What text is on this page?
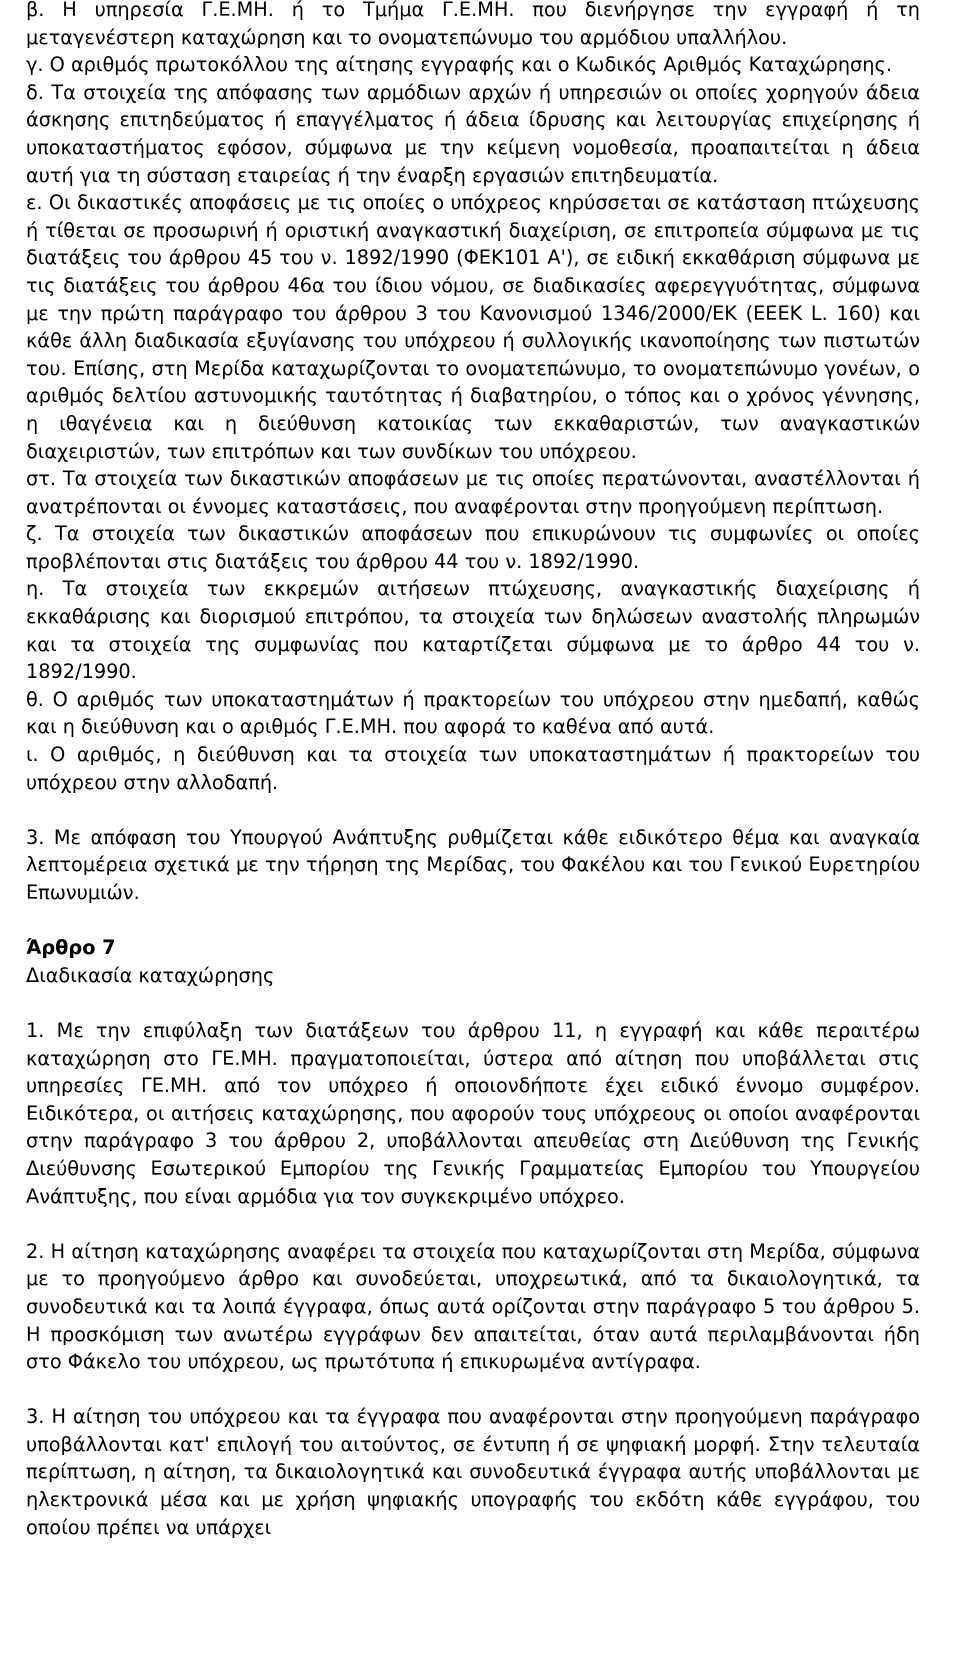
β. Η υπηρεσία Γ.Ε.ΜΗ. ή το Τμήμα Γ.Ε.ΜΗ. που διενήργησε την εγγραφή ή τη μεταγενέστερη καταχώρηση και το ονοματεπώνυμο του αρμόδιου υπαλλήλου.

γ. Ο αριθμός πρωτοκόλλου της αίτησης εγγραφής και ο Κωδικός Αριθμός Καταχώρησης.

δ. Τα στοιχεία της απόφασης των αρμόδιων αρχών ή υπηρεσιών οι οποίες χορηγούν άδεια άσκησης επιτηδεύματος ή επαγγέλματος ή άδεια ίδρυσης και λειτουργίας επιχείρησης ή υποκαταστήματος εφόσον, σύμφωνα με την κείμενη νομοθεσία, προαπαιτείται η άδεια αυτή για τη σύσταση εταιρείας ή την έναρξη εργασιών επιτηδευματία.

ε. Οι δικαστικές αποφάσεις με τις οποίες ο υπόχρεος κηρύσσεται σε κατάσταση πτώχευσης ή τίθεται σε προσωρινή ή οριστική αναγκαστική διαχείριση, σε επιτροπεία σύμφωνα με τις διατάξεις του άρθρου 45 του ν. 1892/1990 (ΦΕΚ101 Α'), σε ειδική εκκαθάριση σύμφωνα με τις διατάξεις του άρθρου 46α του ίδιου νόμου, σε διαδικασίες αφερεγγυότητας, σύμφωνα με την πρώτη παράγραφο του άρθρου 3 του Κανονισμού 1346/2000/ΕΚ (ΕΕΕΚ L. 160) και κάθε άλλη διαδικασία εξυγίανσης του υπόχρεου ή συλλογικής ικανοποίησης των πιστωτών του. Επίσης, στη Μερίδα καταχωρίζονται το ονοματεπώνυμο, το ονοματεπώνυμο γονέων, ο αριθμός δελτίου αστυνομικής ταυτότητας ή διαβατηρίου, ο τόπος και ο χρόνος γέννησης, η ιθαγένεια και η διεύθυνση κατοικίας των εκκαθαριστών, των αναγκαστικών διαχειριστών, των επιτρόπων και των συνδίκων του υπόχρεου.

στ. Τα στοιχεία των δικαστικών αποφάσεων με τις οποίες περατώνονται, αναστέλλονται ή ανατρέπονται οι έννομες καταστάσεις, που αναφέρονται στην προηγούμενη περίπτωση.

ζ. Τα στοιχεία των δικαστικών αποφάσεων που επικυρώνουν τις συμφωνίες οι οποίες προβλέπονται στις διατάξεις του άρθρου 44 του ν. 1892/1990.

η. Τα στοιχεία των εκκρεμών αιτήσεων πτώχευσης, αναγκαστικής διαχείρισης ή εκκαθάρισης και διορισμού επιτρόπου, τα στοιχεία των δηλώσεων αναστολής πληρωμών και τα στοιχεία της συμφωνίας που καταρτίζεται σύμφωνα με το άρθρο 44 του ν. 1892/1990.

θ. Ο αριθμός των υποκαταστημάτων ή πρακτορείων του υπόχρεου στην ημεδαπή, καθώς και η διεύθυνση και ο αριθμός Γ.Ε.ΜΗ. που αφορά το καθένα από αυτά.

ι. Ο αριθμός, η διεύθυνση και τα στοιχεία των υποκαταστημάτων ή πρακτορείων του υπόχρεου στην αλλοδαπή.

3. Με απόφαση του Υπουργού Ανάπτυξης ρυθμίζεται κάθε ειδικότερο θέμα και αναγκαία λεπτομέρεια σχετικά με την τήρηση της Μερίδας, του Φακέλου και του Γενικού Ευρετηρίου Επωνυμιών.

Άρθρο 7

Διαδικασία καταχώρησης

1. Με την επιφύλαξη των διατάξεων του άρθρου 11, η εγγραφή και κάθε περαιτέρω καταχώρηση στο ΓΕ.ΜΗ. πραγματοποιείται, ύστερα από αίτηση που υποβάλλεται στις υπηρεσίες ΓΕ.ΜΗ. από τον υπόχρεο ή οποιονδήποτε έχει ειδικό έννομο συμφέρον. Ειδικότερα, οι αιτήσεις καταχώρησης, που αφορούν τους υπόχρεους οι οποίοι αναφέρονται στην παράγραφο 3 του άρθρου 2, υποβάλλονται απευθείας στη Διεύθυνση της Γενικής Διεύθυνσης Εσωτερικού Εμπορίου της Γενικής Γραμματείας Εμπορίου του Υπουργείου Ανάπτυξης, που είναι αρμόδια για τον συγκεκριμένο υπόχρεο.

2. Η αίτηση καταχώρησης αναφέρει τα στοιχεία που καταχωρίζονται στη Μερίδα, σύμφωνα με το προηγούμενο άρθρο και συνοδεύεται, υποχρεωτικά, από τα δικαιολογητικά, τα συνοδευτικά και τα λοιπά έγγραφα, όπως αυτά ορίζονται στην παράγραφο 5 του άρθρου 5. Η προσκόμιση των ανωτέρω εγγράφων δεν απαιτείται, όταν αυτά περιλαμβάνονται ήδη στο Φάκελο του υπόχρεου, ως πρωτότυπα ή επικυρωμένα αντίγραφα.

3. Η αίτηση του υπόχρεου και τα έγγραφα που αναφέρονται στην προηγούμενη παράγραφο υποβάλλονται κατ' επιλογή του αιτούντος, σε έντυπη ή σε ψηφιακή μορφή. Στην τελευταία περίπτωση, η αίτηση, τα δικαιολογητικά και συνοδευτικά έγγραφα αυτής υποβάλλονται με ηλεκτρονικά μέσα και με χρήση ψηφιακής υπογραφής του εκδότη κάθε εγγράφου, του οποίου πρέπει να υπάρχει
